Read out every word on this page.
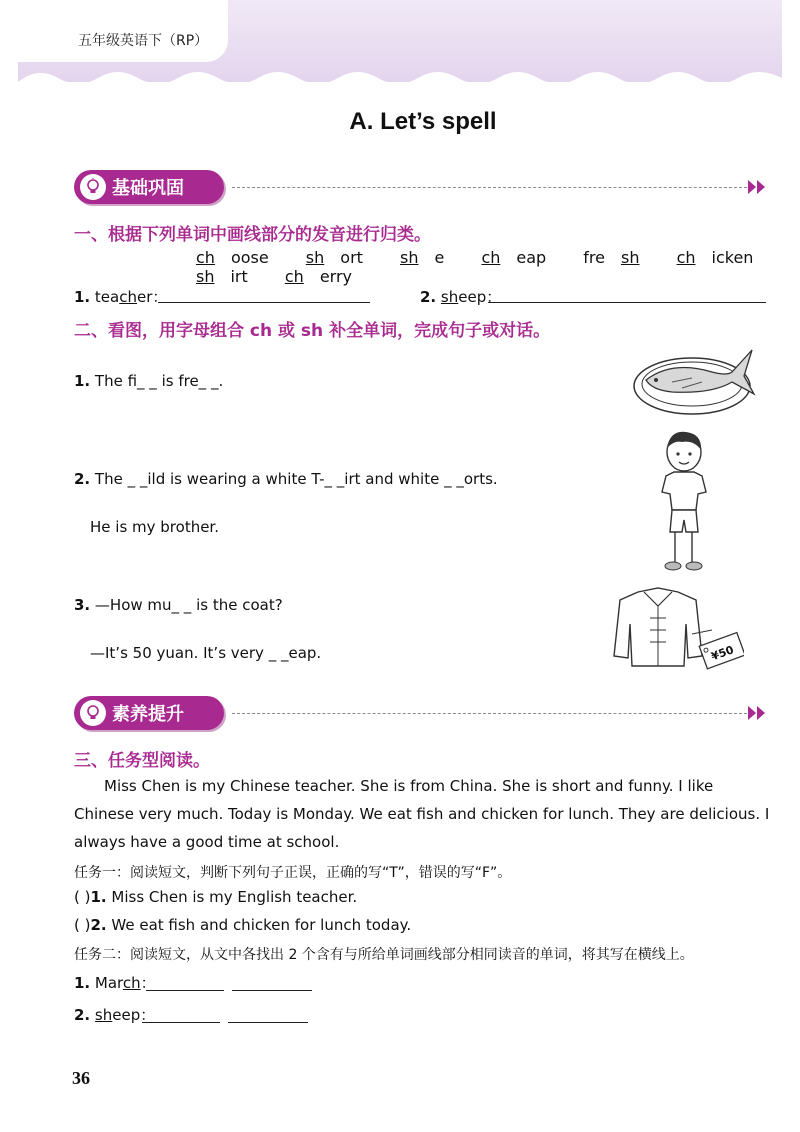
五年级英语下（RP）
A. Let’s spell
基础巩固
一、根据下列单词中画线部分的发音进行归类。
ch oose sh ort sh e ch eap fre sh ch icken sh irt ch erry
1. teacher：	2. sheep：
二、看图，用字母组合 ch 或 sh 补全单词，完成句子或对话。
1. The fi_ _ is fre_ _.
2. The _ _ild is wearing a white T-_ _irt and white _ _orts.
He is my brother.
3. —How mu_ _ is the coat?
—It’s 50 yuan. It’s very _ _eap.	¥50
素养提升
三、任务型阅读。
Miss Chen is my Chinese teacher. She is from China. She is short and funny. I like Chinese very much. Today is Monday. We eat fish and chicken for lunch. They are delicious. I always have a good time at school.
任务一：阅读短文，判断下列句子正误，正确的写“T”，错误的写“F”。
( )1. Miss Chen is my English teacher.
( )2. We eat fish and chicken for lunch today.
任务二：阅读短文，从文中各找出 2 个含有与所给单词画线部分相同读音的单词，将其写在横线上。
1. March：
2. sheep：
36
